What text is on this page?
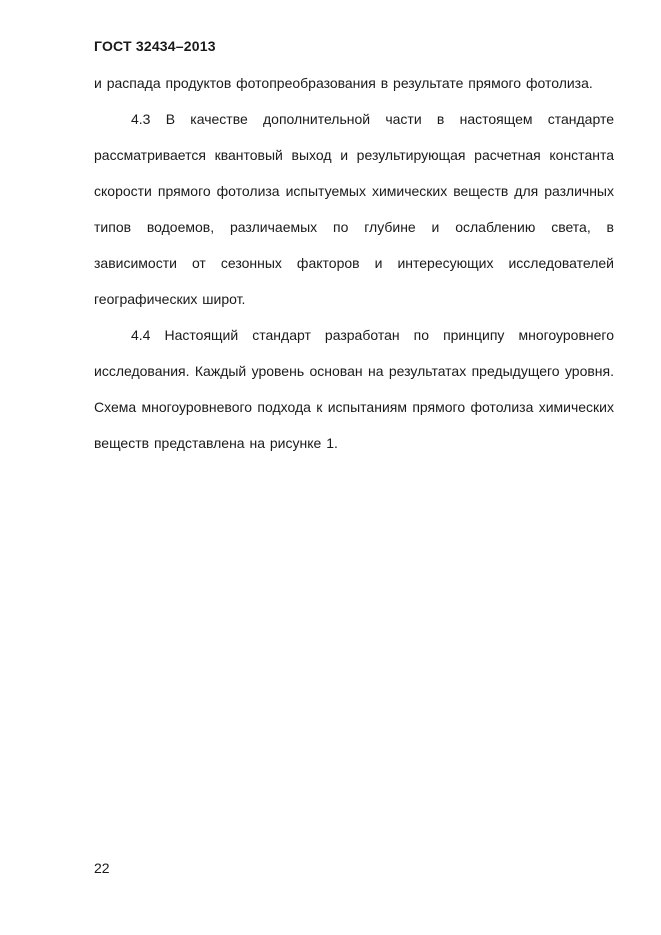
ГОСТ 32434–2013

и распада продуктов фотопреобразования в результате прямого фотолиза.

4.3 В качестве дополнительной части в настоящем стандарте рассматривается квантовый выход и результирующая расчетная константа скорости прямого фотолиза испытуемых химических веществ для различных типов водоемов, различаемых по глубине и ослаблению света, в зависимости от сезонных факторов и интересующих исследователей географических широт.

4.4 Настоящий стандарт разработан по принципу многоуровнего исследования. Каждый уровень основан на результатах предыдущего уровня. Схема многоуровневого подхода к испытаниям прямого фотолиза химических веществ представлена на рисунке 1.

22
